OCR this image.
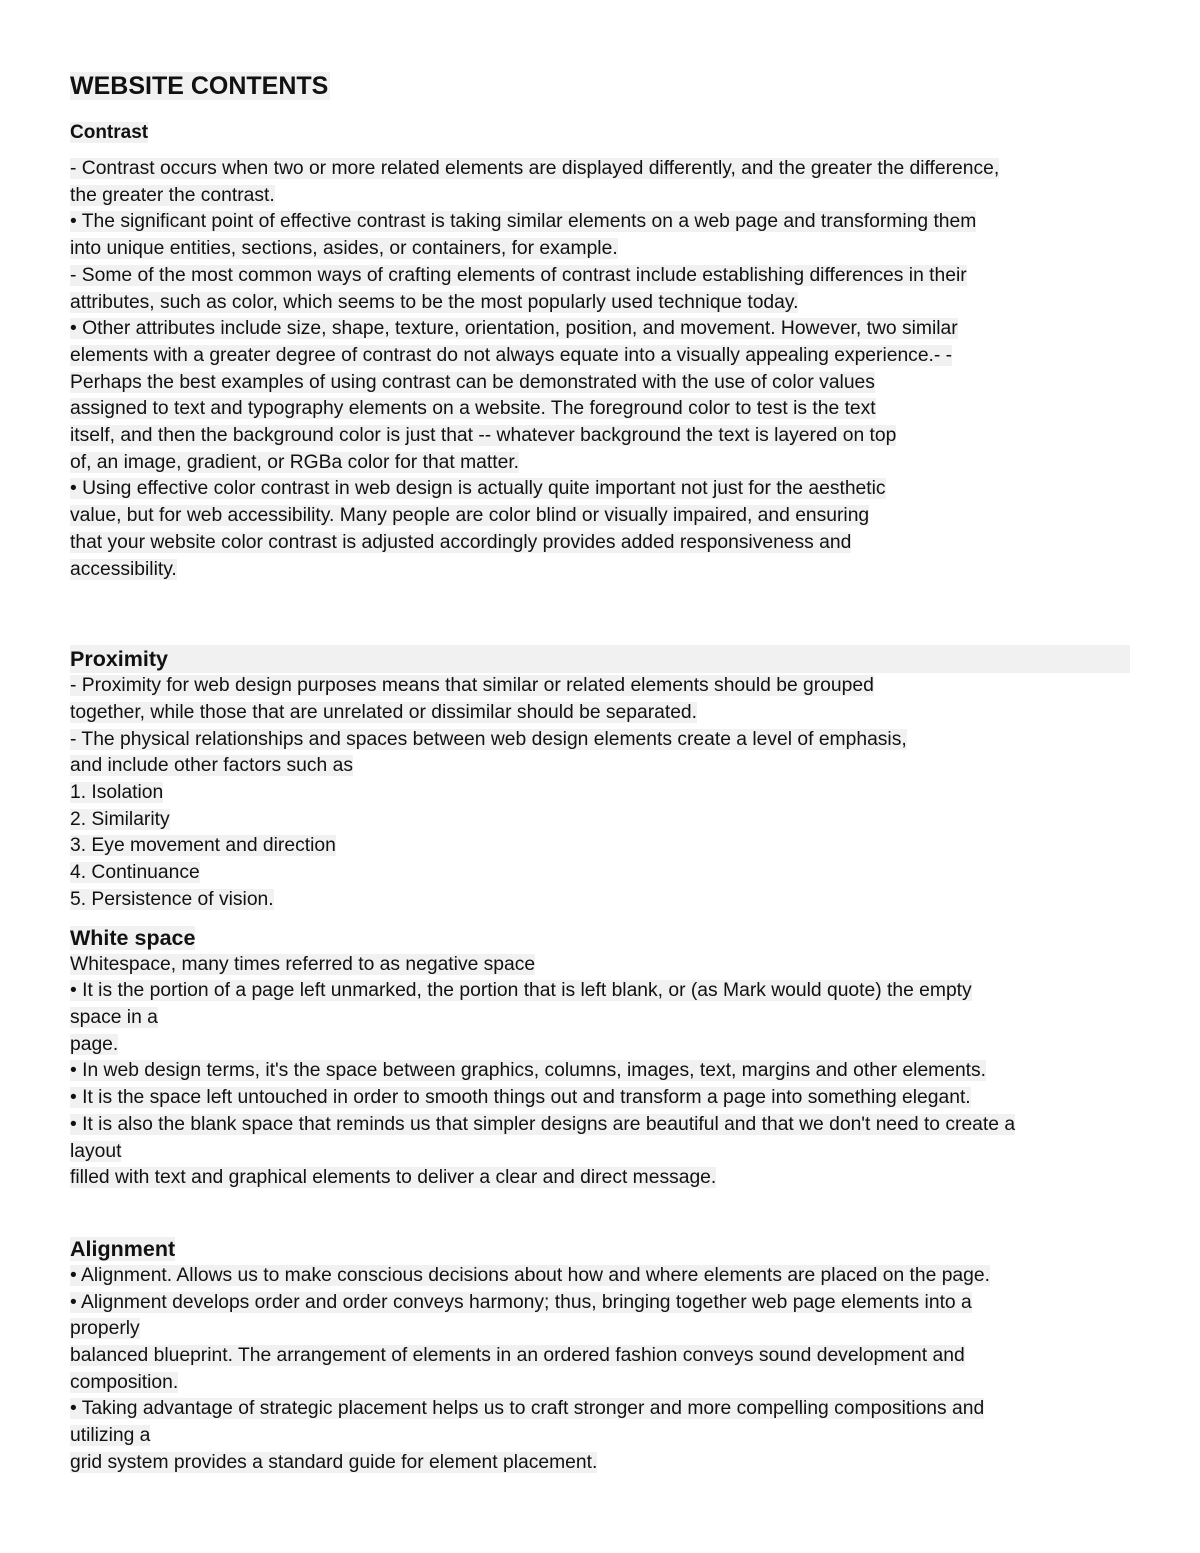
WEBSITE CONTENTS
Contrast

- Contrast occurs when two or more related elements are displayed differently, and the greater the difference,

the greater the contrast.

• The significant point of effective contrast is taking similar elements on a web page and transforming them

into unique entities, sections, asides, or containers, for example.

- Some of the most common ways of crafting elements of contrast include establishing differences in their

attributes, such as color, which seems to be the most popularly used technique today.

• Other attributes include size, shape, texture, orientation, position, and movement. However, two similar

elements with a greater degree of contrast do not always equate into a visually appealing experience.- -

Perhaps the best examples of using contrast can be demonstrated with the use of color values

assigned to text and typography elements on a website. The foreground color to test is the text

itself, and then the background color is just that -- whatever background the text is layered on top

of, an image, gradient, or RGBa color for that matter.

• Using effective color contrast in web design is actually quite important not just for the aesthetic

value, but for web accessibility. Many people are color blind or visually impaired, and ensuring

that your website color contrast is adjusted accordingly provides added responsiveness and

accessibility.

Proximity

- Proximity for web design purposes means that similar or related elements should be grouped

together, while those that are unrelated or dissimilar should be separated.

- The physical relationships and spaces between web design elements create a level of emphasis,

and include other factors such as

1. Isolation

2. Similarity

3. Eye movement and direction

4. Continuance

5. Persistence of vision.

White space

Whitespace, many times referred to as negative space

• It is the portion of a page left unmarked, the portion that is left blank, or (as Mark would quote) the empty

space in a

page.

• In web design terms, it's the space between graphics, columns, images, text, margins and other elements.

• It is the space left untouched in order to smooth things out and transform a page into something elegant.

• It is also the blank space that reminds us that simpler designs are beautiful and that we don't need to create a

layout

filled with text and graphical elements to deliver a clear and direct message.

Alignment

• Alignment. Allows us to make conscious decisions about how and where elements are placed on the page.

• Alignment develops order and order conveys harmony; thus, bringing together web page elements into a

properly

balanced blueprint. The arrangement of elements in an ordered fashion conveys sound development and

composition.

• Taking advantage of strategic placement helps us to craft stronger and more compelling compositions and

utilizing a

grid system provides a standard guide for element placement.
